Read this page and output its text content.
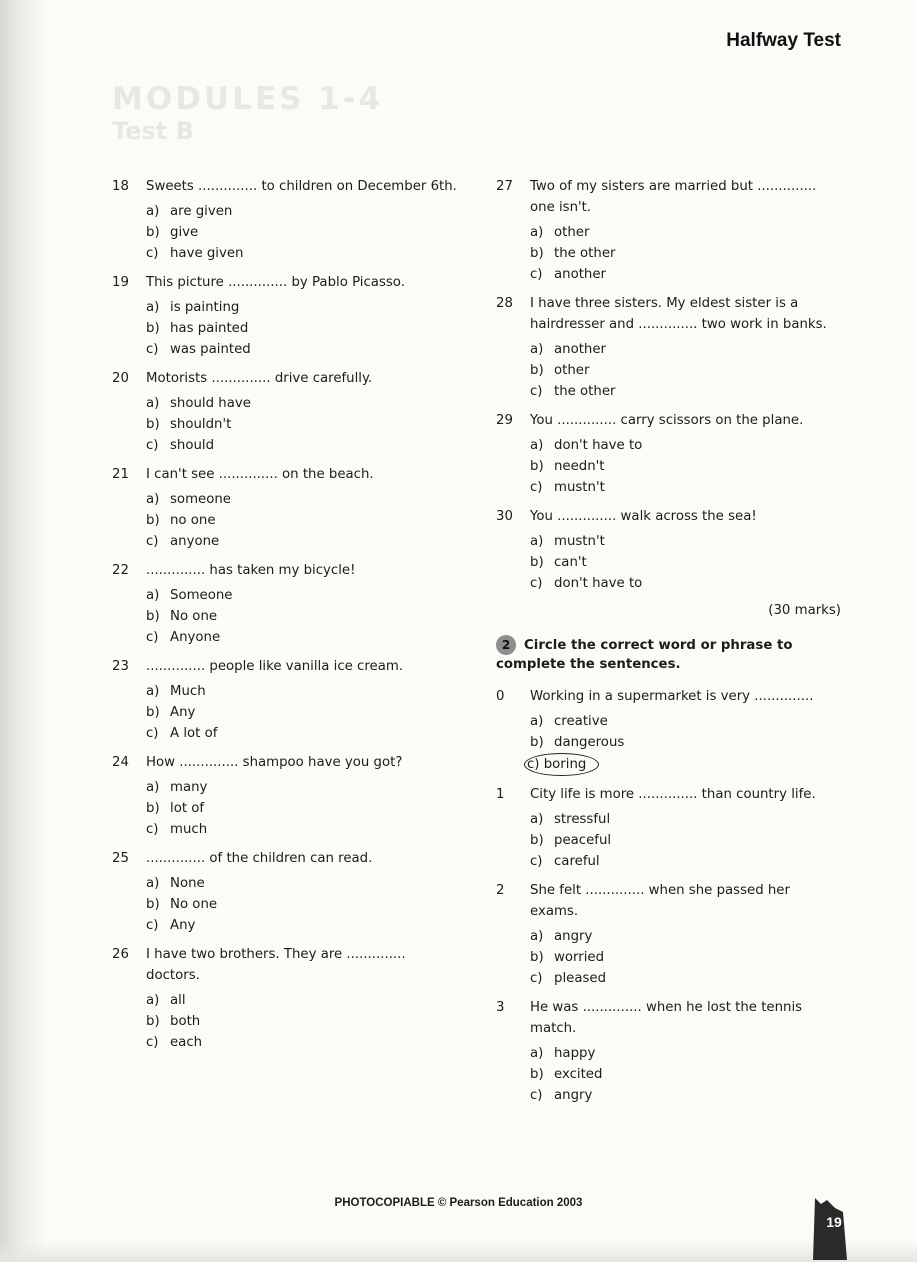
MODULES 1-4
Test B
Halfway Test
18	Sweets .............. to children on December 6th.
a) are given
b) give
c) have given
19	This picture .............. by Pablo Picasso.
a) is painting
b) has painted
c) was painted
20	Motorists .............. drive carefully.
a) should have
b) shouldn't
c) should
21	I can't see .............. on the beach.
a) someone
b) no one
c) anyone
22	.............. has taken my bicycle!
a) Someone
b) No one
c) Anyone
23	.............. people like vanilla ice cream.
a) Much
b) Any
c) A lot of
24	How .............. shampoo have you got?
a) many
b) lot of
c) much
25	.............. of the children can read.
a) None
b) No one
c) Any
26	I have two brothers. They are .............. doctors.
a) all
b) both
c) each
27	Two of my sisters are married but .............. one isn't.
a) other
b) the other
c) another
28	I have three sisters. My eldest sister is a hairdresser and .............. two work in banks.
a) another
b) other
c) the other
29	You .............. carry scissors on the plane.
a) don't have to
b) needn't
c) mustn't
30	You .............. walk across the sea!
a) mustn't
b) can't
c) don't have to
(30 marks)
2 Circle the correct word or phrase to complete the sentences.
0	Working in a supermarket is very ..............
a) creative
b) dangerous
c) boring
1	City life is more .............. than country life.
a) stressful
b) peaceful
c) careful
2	She felt .............. when she passed her exams.
a) angry
b) worried
c) pleased
3	He was .............. when he lost the tennis match.
a) happy
b) excited
c) angry
PHOTOCOPIABLE © Pearson Education 2003
19
